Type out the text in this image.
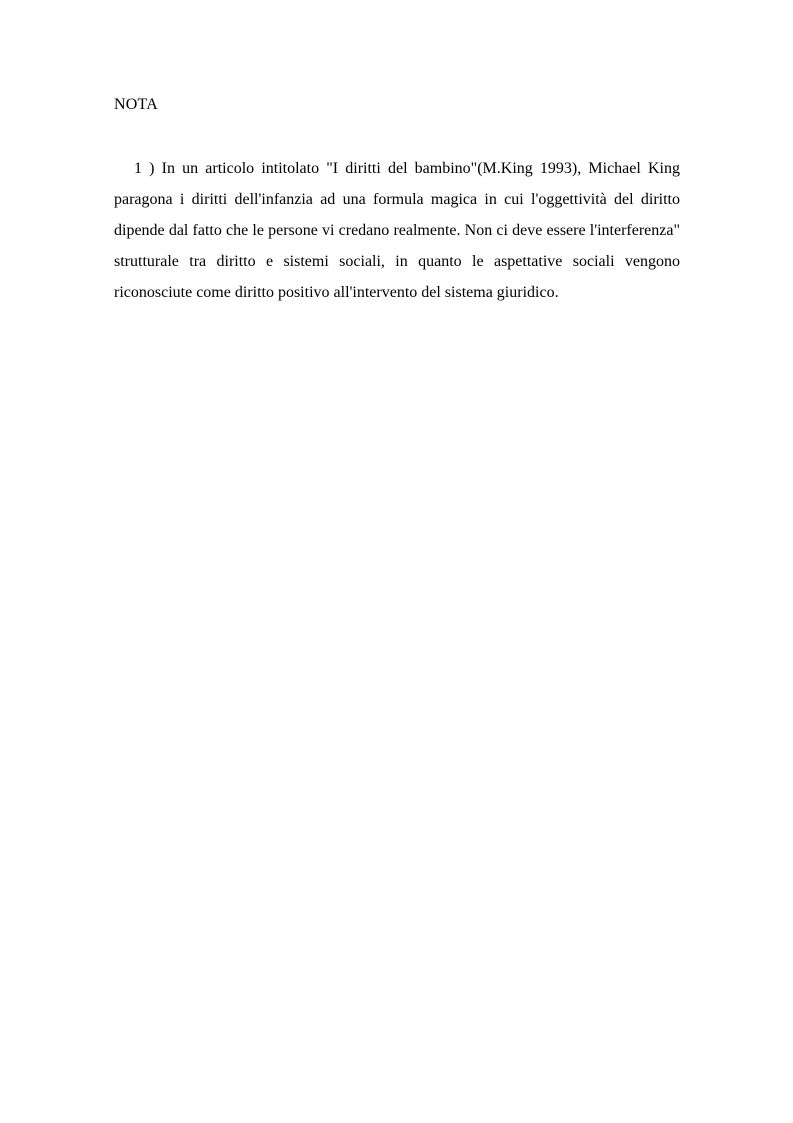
NOTA

1 ) In un articolo intitolato "I diritti del bambino"(M.King 1993), Michael King paragona i diritti dell'infanzia ad una formula magica in cui l'oggettività del diritto dipende dal fatto che le persone vi credano realmente. Non ci deve essere l'interferenza" strutturale tra diritto e sistemi sociali, in quanto le aspettative sociali vengono riconosciute come diritto positivo all'intervento del sistema giuridico.
